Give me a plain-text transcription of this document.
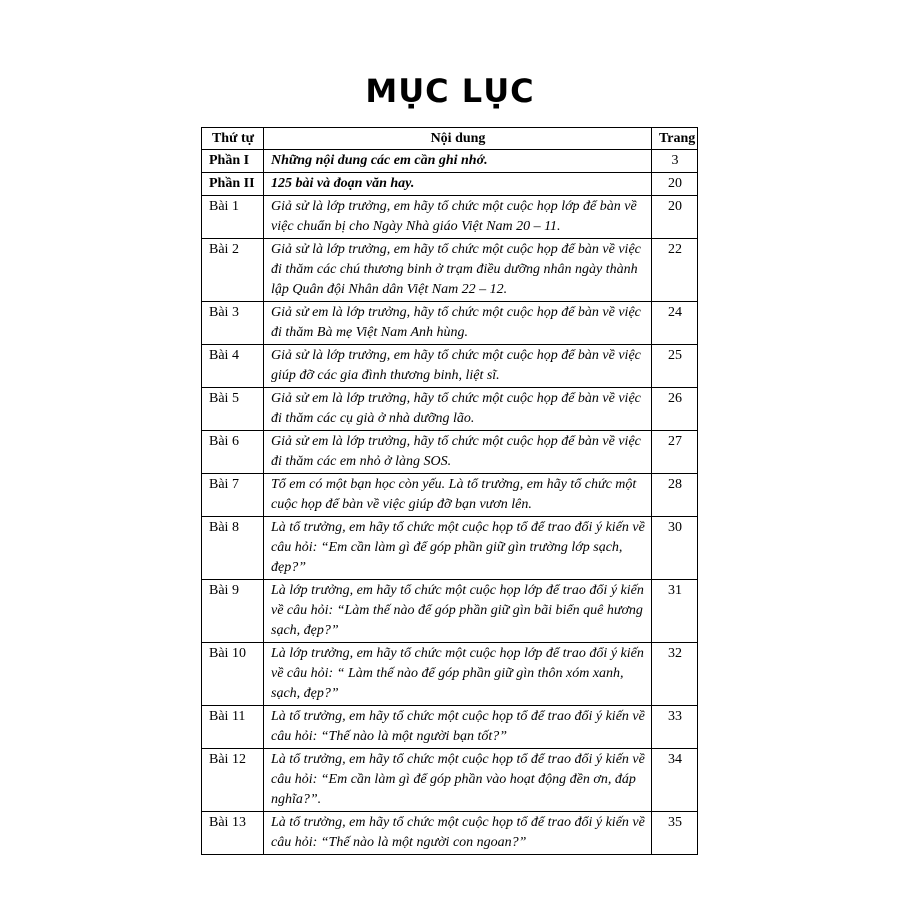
MỤC LỤC
Thứ tự	Nội dung	Trang
Phần I	Những nội dung các em cần ghi nhớ.	3
Phần II	125 bài và đoạn văn hay.	20
Bài 1	Giả sử là lớp trưởng, em hãy tổ chức một cuộc họp lớp để bàn về việc chuẩn bị cho Ngày Nhà giáo Việt Nam 20 – 11.	20
Bài 2	Giả sử là lớp trưởng, em hãy tổ chức một cuộc họp để bàn về việc đi thăm các chú thương binh ở trạm điều dưỡng nhân ngày thành lập Quân đội Nhân dân Việt Nam 22 – 12.	22
Bài 3	Giả sử em là lớp trưởng, hãy tổ chức một cuộc họp để bàn về việc đi thăm Bà mẹ Việt Nam Anh hùng.	24
Bài 4	Giả sử là lớp trưởng, em hãy tổ chức một cuộc họp để bàn về việc giúp đỡ các gia đình thương binh, liệt sĩ.	25
Bài 5	Giả sử em là lớp trưởng, hãy tổ chức một cuộc họp để bàn về việc đi thăm các cụ già ở nhà dưỡng lão.	26
Bài 6	Giả sử em là lớp trưởng, hãy tổ chức một cuộc họp để bàn về việc đi thăm các em nhỏ ở làng SOS.	27
Bài 7	Tổ em có một bạn học còn yếu. Là tổ trưởng, em hãy tổ chức một cuộc họp để bàn về việc giúp đỡ bạn vươn lên.	28
Bài 8	Là tổ trưởng, em hãy tổ chức một cuộc họp tổ để trao đổi ý kiến về câu hỏi: “Em cần làm gì để góp phần giữ gìn trường lớp sạch, đẹp?”	30
Bài 9	Là lớp trưởng, em hãy tổ chức một cuộc họp lớp để trao đổi ý kiến về câu hỏi: “Làm thế nào để góp phần giữ gìn bãi biển quê hương sạch, đẹp?”	31
Bài 10	Là lớp trưởng, em hãy tổ chức một cuộc họp lớp để trao đổi ý kiến về câu hỏi: “ Làm thế nào để góp phần giữ gìn thôn xóm xanh, sạch, đẹp?”	32
Bài 11	Là tổ trưởng, em hãy tổ chức một cuộc họp tổ để trao đổi ý kiến về câu hỏi: “Thế nào là một người bạn tốt?”	33
Bài 12	Là tổ trưởng, em hãy tổ chức một cuộc họp tổ để trao đổi ý kiến về câu hỏi: “Em cần làm gì để góp phần vào hoạt động đền ơn, đáp nghĩa?”.	34
Bài 13	Là tổ trưởng, em hãy tổ chức một cuộc họp tổ để trao đổi ý kiến về câu hỏi: “Thế nào là một người con ngoan?”	35
